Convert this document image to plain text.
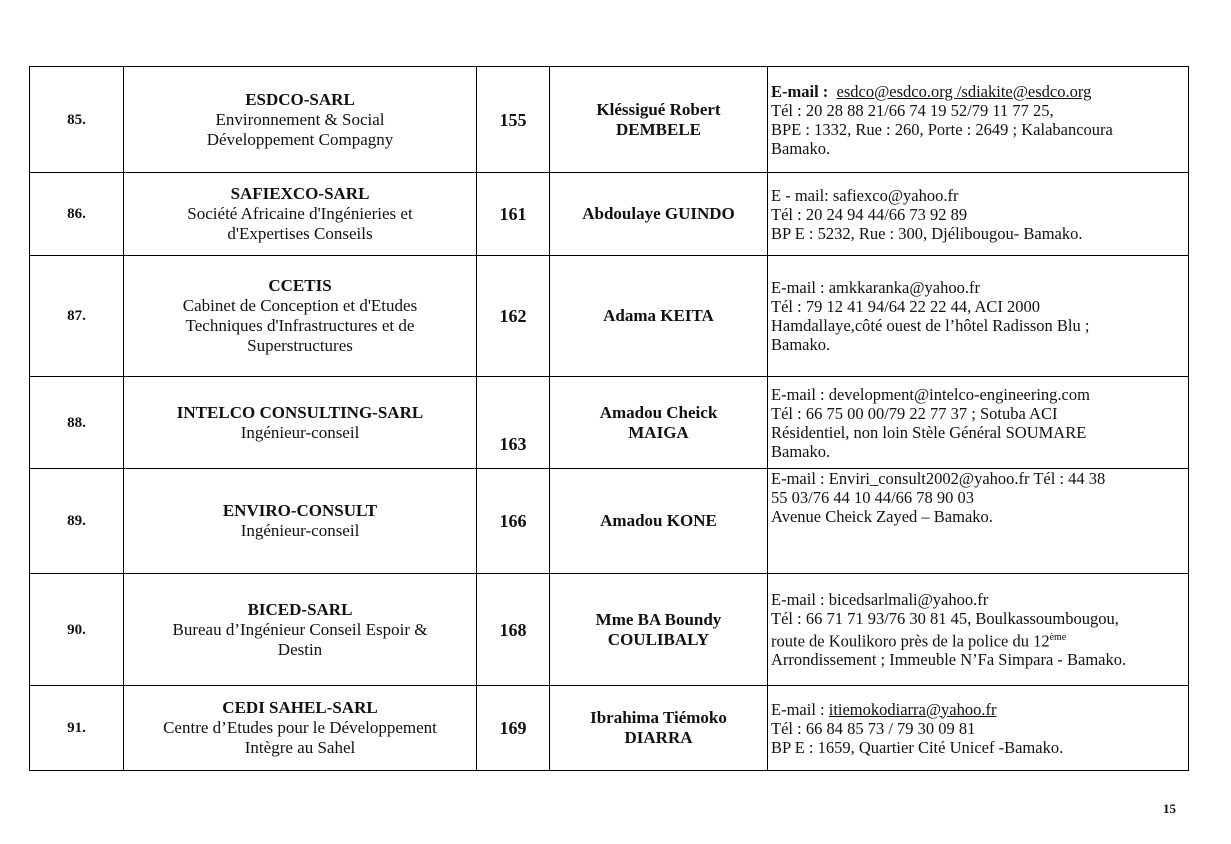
85.	ESDCO-SARL
Environnement & Social
Développement Compagny	155	Kléssigué Robert
DEMBELE	E-mail : esdco@esdco.org /sdiakite@esdco.org
Tél : 20 28 88 21/66 74 19 52/79 11 77 25,
BPE : 1332, Rue : 260, Porte : 2649 ; Kalabancoura
Bamako.

86.	SAFIEXCO-SARL
Société Africaine d'Ingénieries et
d'Expertises Conseils	161	Abdoulaye GUINDO	E - mail: safiexco@yahoo.fr
Tél : 20 24 94 44/66 73 92 89
BP E : 5232, Rue : 300, Djélibougou- Bamako.

87.	CCETIS
Cabinet de Conception et d'Etudes
Techniques d'Infrastructures et de
Superstructures	162	Adama KEITA	E-mail : amkkaranka@yahoo.fr
Tél : 79 12 41 94/64 22 22 44, ACI 2000
Hamdallaye,côté ouest de l’hôtel Radisson Blu ;
Bamako.

88.	INTELCO CONSULTING-SARL
Ingénieur-conseil	163	Amadou Cheick
MAIGA	E-mail : development@intelco-engineering.com
Tél : 66 75 00 00/79 22 77 37 ; Sotuba ACI
Résidentiel, non loin Stèle Général SOUMARE
Bamako.

89.	ENVIRO-CONSULT
Ingénieur-conseil	166	Amadou KONE	E-mail : Enviri_consult2002@yahoo.fr Tél : 44 38
55 03/76 44 10 44/66 78 90 03
Avenue Cheick Zayed – Bamako.

90.	BICED-SARL
Bureau d’Ingénieur Conseil Espoir &
Destin	168	Mme BA Boundy
COULIBALY	E-mail : bicedsarlmali@yahoo.fr
Tél : 66 71 71 93/76 30 81 45, Boulkassoumbougou,
route de Koulikoro près de la police du 12ème
Arrondissement ; Immeuble N’Fa Simpara - Bamako.

91.	CEDI SAHEL-SARL
Centre d’Etudes pour le Développement
Intègre au Sahel	169	Ibrahima Tiémoko
DIARRA	E-mail : itiemokodiarra@yahoo.fr
Tél : 66 84 85 73 / 79 30 09 81
BP E : 1659, Quartier Cité Unicef -Bamako.
15
